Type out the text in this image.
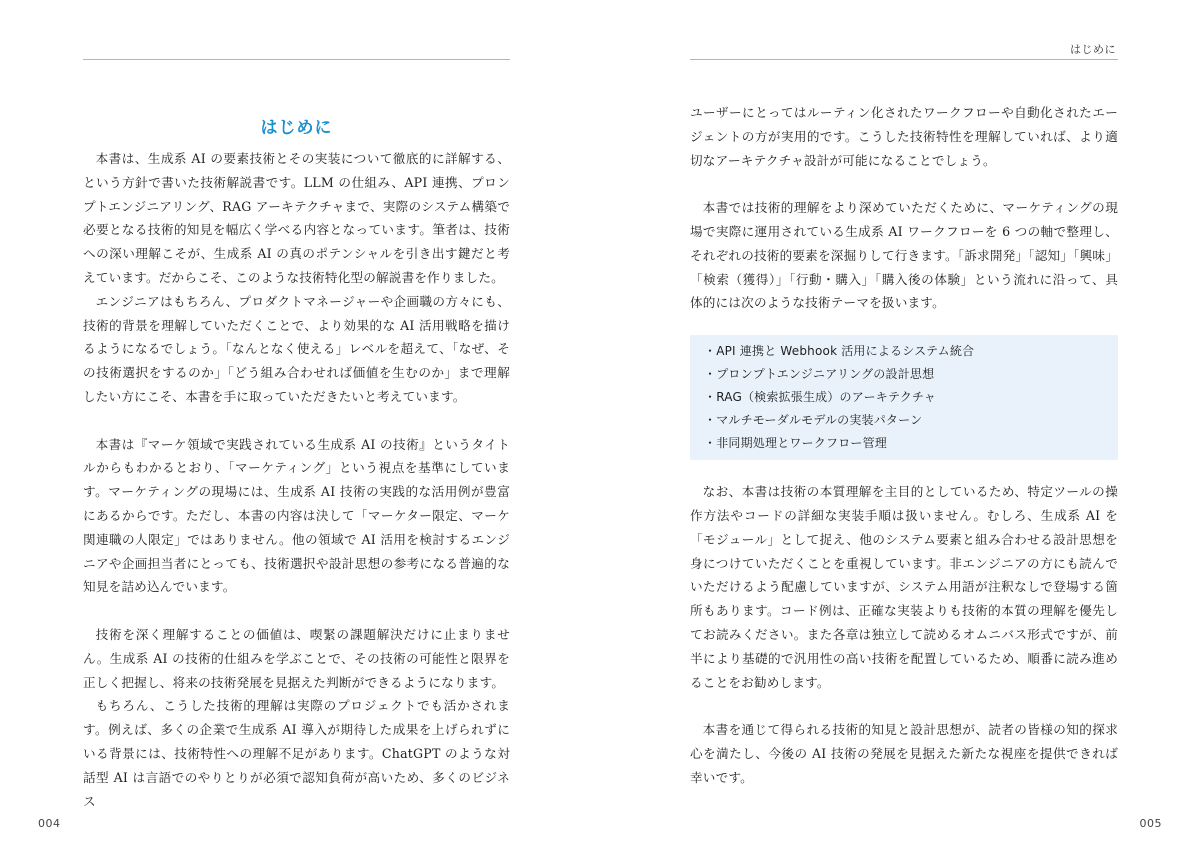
はじめに

本書は、生成系 AI の要素技術とその実装について徹底的に詳解する、という方針で書いた技術解説書です。LLM の仕組み、API 連携、プロンプトエンジニアリング、RAG アーキテクチャまで、実際のシステム構築で必要となる技術的知見を幅広く学べる内容となっています。筆者は、技術への深い理解こそが、生成系 AI の真のポテンシャルを引き出す鍵だと考えています。だからこそ、このような技術特化型の解説書を作りました。

エンジニアはもちろん、プロダクトマネージャーや企画職の方々にも、技術的背景を理解していただくことで、より効果的な AI 活用戦略を描けるようになるでしょう。「なんとなく使える」レベルを超えて、「なぜ、その技術選択をするのか」「どう組み合わせれば価値を生むのか」まで理解したい方にこそ、本書を手に取っていただきたいと考えています。

本書は『マーケ領域で実践されている生成系 AI の技術』というタイトルからもわかるとおり、「マーケティング」という視点を基準にしています。マーケティングの現場には、生成系 AI 技術の実践的な活用例が豊富にあるからです。ただし、本書の内容は決して「マーケター限定、マーケ関連職の人限定」ではありません。他の領域で AI 活用を検討するエンジニアや企画担当者にとっても、技術選択や設計思想の参考になる普遍的な知見を詰め込んでいます。

技術を深く理解することの価値は、喫緊の課題解決だけに止まりません。生成系 AI の技術的仕組みを学ぶことで、その技術の可能性と限界を正しく把握し、将来の技術発展を見据えた判断ができるようになります。

もちろん、こうした技術的理解は実際のプロジェクトでも活かされます。例えば、多くの企業で生成系 AI 導入が期待した成果を上げられずにいる背景には、技術特性への理解不足があります。ChatGPT のような対話型 AI は言語でのやりとりが必須で認知負荷が高いため、多くのビジネス

004
はじめに

ユーザーにとってはルーティン化されたワークフローや自動化されたエージェントの方が実用的です。こうした技術特性を理解していれば、より適切なアーキテクチャ設計が可能になることでしょう。

本書では技術的理解をより深めていただくために、マーケティングの現場で実際に運用されている生成系 AI ワークフローを 6 つの軸で整理し、それぞれの技術的要素を深掘りして行きます。「訴求開発」「認知」「興味」「検索（獲得）」「行動・購入」「購入後の体験」という流れに沿って、具体的には次のような技術テーマを扱います。

・API 連携と Webhook 活用によるシステム統合
・プロンプトエンジニアリングの設計思想
・RAG（検索拡張生成）のアーキテクチャ
・マルチモーダルモデルの実装パターン
・非同期処理とワークフロー管理

なお、本書は技術の本質理解を主目的としているため、特定ツールの操作方法やコードの詳細な実装手順は扱いません。むしろ、生成系 AI を「モジュール」として捉え、他のシステム要素と組み合わせる設計思想を身につけていただくことを重視しています。非エンジニアの方にも読んでいただけるよう配慮していますが、システム用語が注釈なしで登場する箇所もあります。コード例は、正確な実装よりも技術的本質の理解を優先してお読みください。また各章は独立して読めるオムニバス形式ですが、前半により基礎的で汎用性の高い技術を配置しているため、順番に読み進めることをお勧めします。

本書を通じて得られる技術的知見と設計思想が、読者の皆様の知的探求心を満たし、今後の AI 技術の発展を見据えた新たな視座を提供できれば幸いです。

005
